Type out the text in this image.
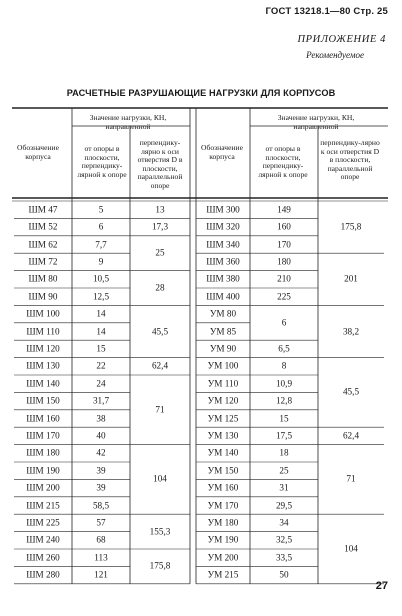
ГОСТ 13218.1—80 Стр. 25
ПРИЛОЖЕНИЕ 4
Рекомендуемое
РАСЧЕТНЫЕ РАЗРУШАЮЩИЕ НАГРУЗКИ ДЛЯ КОРПУСОВ
Обозначение корпуса
Значение нагрузки, КН, направленной
от опоры в плоскости, перпендику-лярной к опоре
перпендику-лярно к оси отверстия D в плоскости, параллельной опоре
Обозначение корпуса
Значение нагрузки, КН, направленной
от опоры в плоскости, перпендику-лярной к опоре
перпендику-лярно к оси отверстия D в плоскости, параллельной опоре
ШМ 47
ШМ 52
ШМ 62
ШМ 72
ШМ 80
ШМ 90
ШМ 100
ШМ 110
ШМ 120
ШМ 130
ШМ 140
ШМ 150
ШМ 160
ШМ 170
ШМ 180
ШМ 190
ШМ 200
ШМ 215
ШМ 225
ШМ 240
ШМ 260
ШМ 280
5
6
7,7
9
10,5
12,5
14
14
15
22
24
31,7
38
40
42
39
39
58,5
57
68
113
121
13
17,3
25
28
45,5
62,4
71
104
155,3
175,8
ШМ 300
ШМ 320
ШМ 340
ШМ 360
ШМ 380
ШМ 400
УМ 80
УМ 85
УМ 90
УМ 100
УМ 110
УМ 120
УМ 125
УМ 130
УМ 140
УМ 150
УМ 160
УМ 170
УМ 180
УМ 190
УМ 200
УМ 215
149
160
170
180
210
225
6
6,5
8
10,9
12,8
15
17,5
18
25
31
29,5
34
32,5
33,5
50
175,8
201
38,2
45,5
62,4
71
104
27
